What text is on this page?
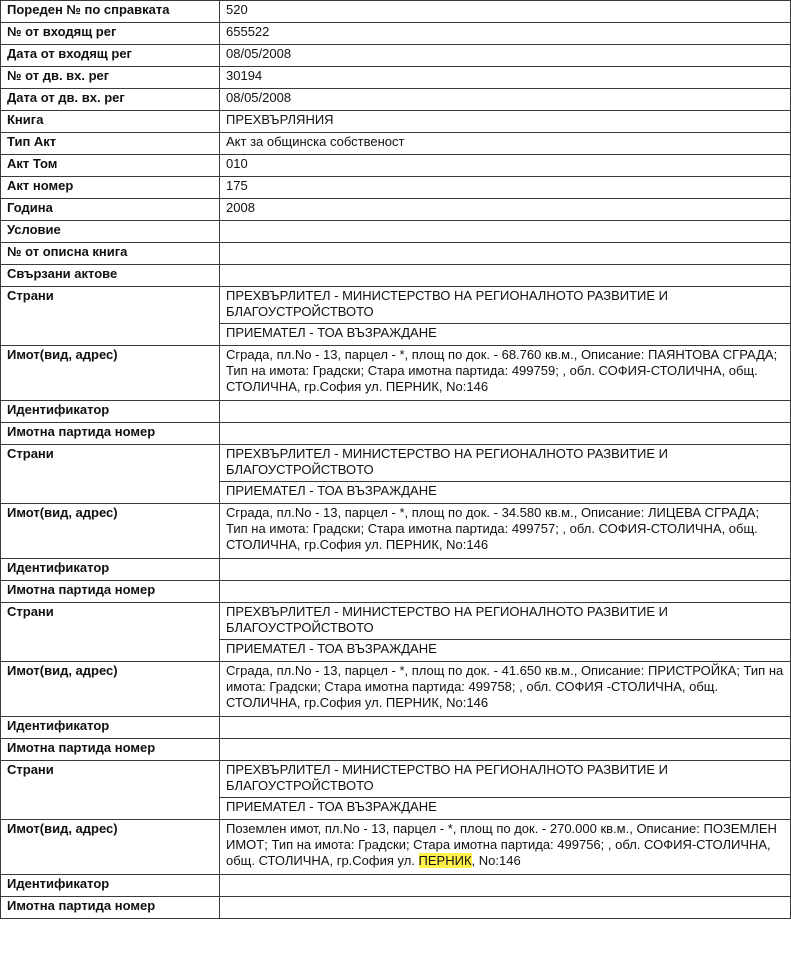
Пореден № по справката	520
№ от входящ рег	655522
Дата от входящ рег	08/05/2008
№ от дв. вх. рег	30194
Дата от дв. вх. рег	08/05/2008
Книга	ПРЕХВЪРЛЯНИЯ
Тип Акт	Акт за общинска собственост
Акт Том	010
Акт номер	175
Година	2008
Условие	
№ от описна книга	
Свързани актове	
Страни	ПРЕХВЪРЛИТЕЛ - МИНИСТЕРСТВО НА РЕГИОНАЛНОТО РАЗВИТИЕ И БЛАГОУСТРОЙСТВОТО
	ПРИЕМАТЕЛ - ТОА ВЪЗРАЖДАНЕ
Имот(вид, адрес)	Сграда, пл.No - 13, парцел - *, площ по док. - 68.760 кв.м., Описание: ПАЯНТОВА СГРАДА; Тип на имота: Градски; Стара имотна партида: 499759; , обл. СОФИЯ-СТОЛИЧНА, общ. СТОЛИЧНА, гр.София ул. ПЕРНИК, No:146
Идентификатор	
Имотна партида номер	
Страни	ПРЕХВЪРЛИТЕЛ - МИНИСТЕРСТВО НА РЕГИОНАЛНОТО РАЗВИТИЕ И БЛАГОУСТРОЙСТВОТО
	ПРИЕМАТЕЛ - ТОА ВЪЗРАЖДАНЕ
Имот(вид, адрес)	Сграда, пл.No - 13, парцел - *, площ по док. - 34.580 кв.м., Описание: ЛИЦЕВА СГРАДА; Тип на имота: Градски; Стара имотна партида: 499757; , обл. СОФИЯ-СТОЛИЧНА, общ. СТОЛИЧНА, гр.София ул. ПЕРНИК, No:146
Идентификатор	
Имотна партида номер	
Страни	ПРЕХВЪРЛИТЕЛ - МИНИСТЕРСТВО НА РЕГИОНАЛНОТО РАЗВИТИЕ И БЛАГОУСТРОЙСТВОТО
	ПРИЕМАТЕЛ - ТОА ВЪЗРАЖДАНЕ
Имот(вид, адрес)	Сграда, пл.No - 13, парцел - *, площ по док. - 41.650 кв.м., Описание: ПРИСТРОЙКА; Тип на имота: Градски; Стара имотна партида: 499758; , обл. СОФИЯ -СТОЛИЧНА, общ. СТОЛИЧНА, гр.София ул. ПЕРНИК, No:146
Идентификатор	
Имотна партида номер	
Страни	ПРЕХВЪРЛИТЕЛ - МИНИСТЕРСТВО НА РЕГИОНАЛНОТО РАЗВИТИЕ И БЛАГОУСТРОЙСТВОТО
	ПРИЕМАТЕЛ - ТОА ВЪЗРАЖДАНЕ
Имот(вид, адрес)	Поземлен имот, пл.No - 13, парцел - *, площ по док. - 270.000 кв.м., Описание: ПОЗЕМЛЕН ИМОТ; Тип на имота: Градски; Стара имотна партида: 499756; , обл. СОФИЯ-СТОЛИЧНА, общ. СТОЛИЧНА, гр.София ул. ПЕРНИК, No:146
Идентификатор	
Имотна партида номер	
